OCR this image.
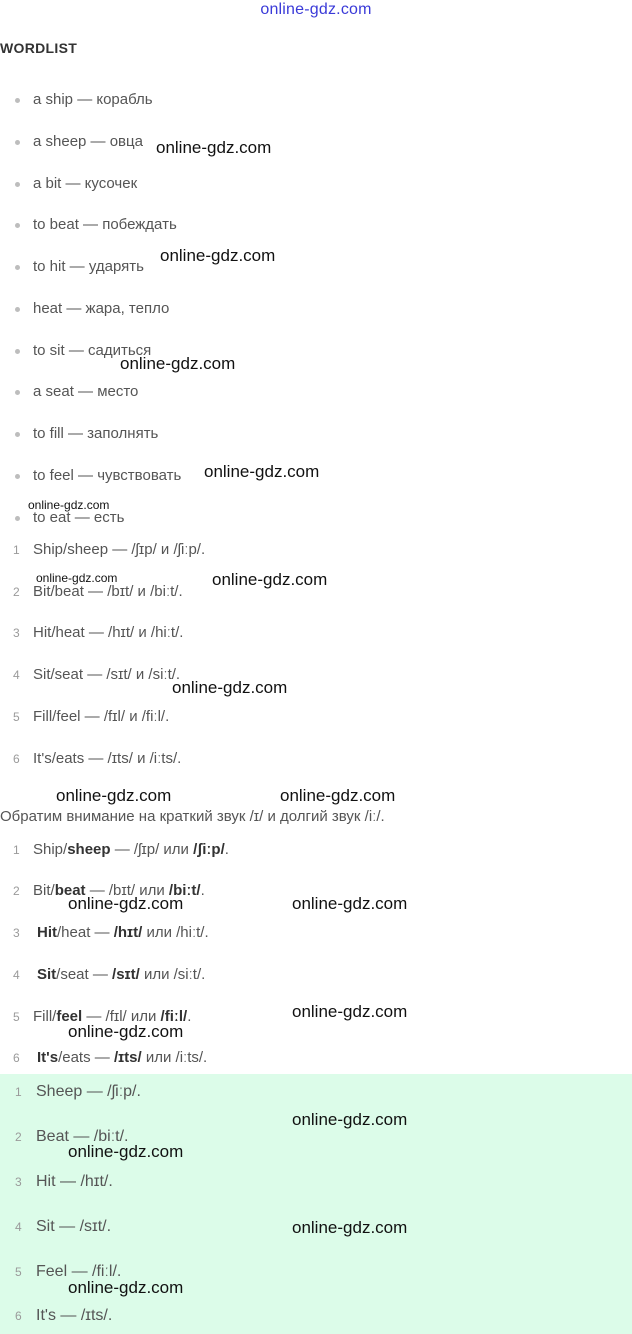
online-gdz.com
WORDLIST
a ship — корабль
a sheep — овца
a bit — кусочек
to beat — побеждать
to hit — ударять
heat — жара, тепло
to sit — садиться
a seat — место
to fill — заполнять
to feel — чувствовать
to eat — есть
1 Ship/sheep — /ʃɪp/ и /ʃiːp/.
2 Bit/beat — /bɪt/ и /biːt/.
3 Hit/heat — /hɪt/ и /hiːt/.
4 Sit/seat — /sɪt/ и /siːt/.
5 Fill/feel — /fɪl/ и /fiːl/.
6 It's/eats — /ɪts/ и /iːts/.
Обратим внимание на краткий звук /ɪ/ и долгий звук /iː/.
1 Ship/sheep — /ʃɪp/ или /ʃiːp/.
2 Bit/beat — /bɪt/ или /biːt/.
3 Hit/heat — /hɪt/ или /hiːt/.
4 Sit/seat — /sɪt/ или /siːt/.
5 Fill/feel — /fɪl/ или /fiːl/.
6 It's/eats — /ɪts/ или /iːts/.
1 Sheep — /ʃiːp/.
2 Beat — /biːt/.
3 Hit — /hɪt/.
4 Sit — /sɪt/.
5 Feel — /fiːl/.
6 It's — /ɪts/.
online-gdz.com
online-gdz.com
online-gdz.com
online-gdz.com
online-gdz.com
online-gdz.com	online-gdz.com
online-gdz.com
online-gdz.com	online-gdz.com
online-gdz.com	online-gdz.com
online-gdz.com
online-gdz.com
online-gdz.com
online-gdz.com
online-gdz.com
online-gdz.com
